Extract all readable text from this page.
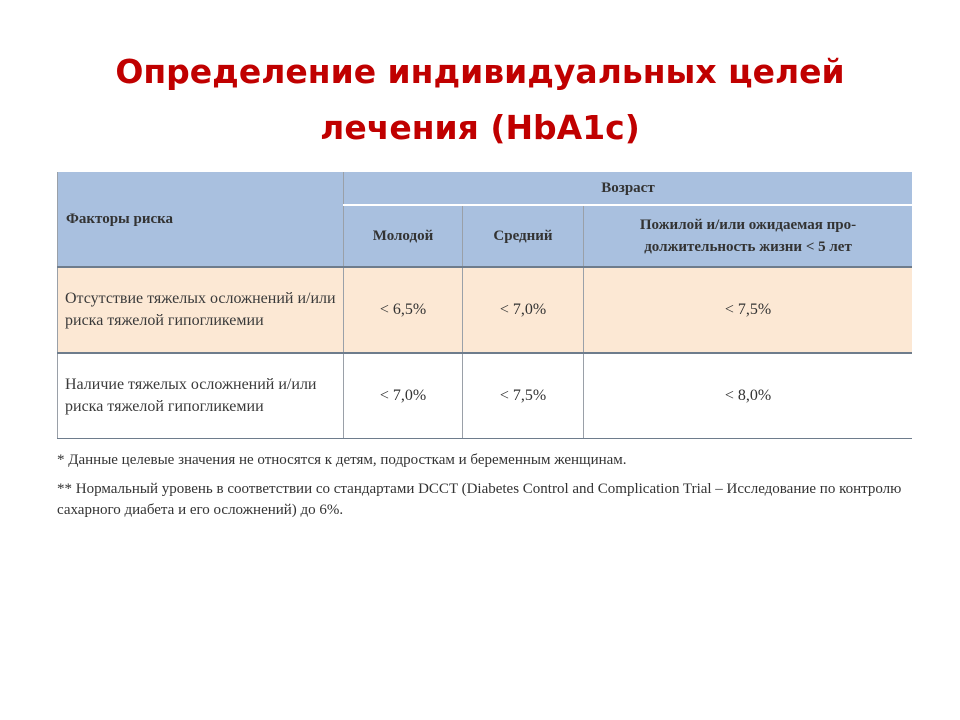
Определение индивидуальных целей
лечения (HbA1c)
Факторы риска	Возраст		
	Молодой	Средний	Пожилой и/или ожидаемая про-должительность жизни < 5 лет
Отсутствие тяжелых осложнений и/или риска тяжелой гипогликемии	< 6,5%	< 7,0%	< 7,5%
Наличие тяжелых осложнений и/или риска тяжелой гипогликемии	< 7,0%	< 7,5%	< 8,0%

* Данные целевые значения не относятся к детям, подросткам и беременным женщинам.

** Нормальный уровень в соответствии со стандартами DCCT (Diabetes Control and Complication Trial – Исследование по контролю сахарного диабета и его осложнений) до 6%.
